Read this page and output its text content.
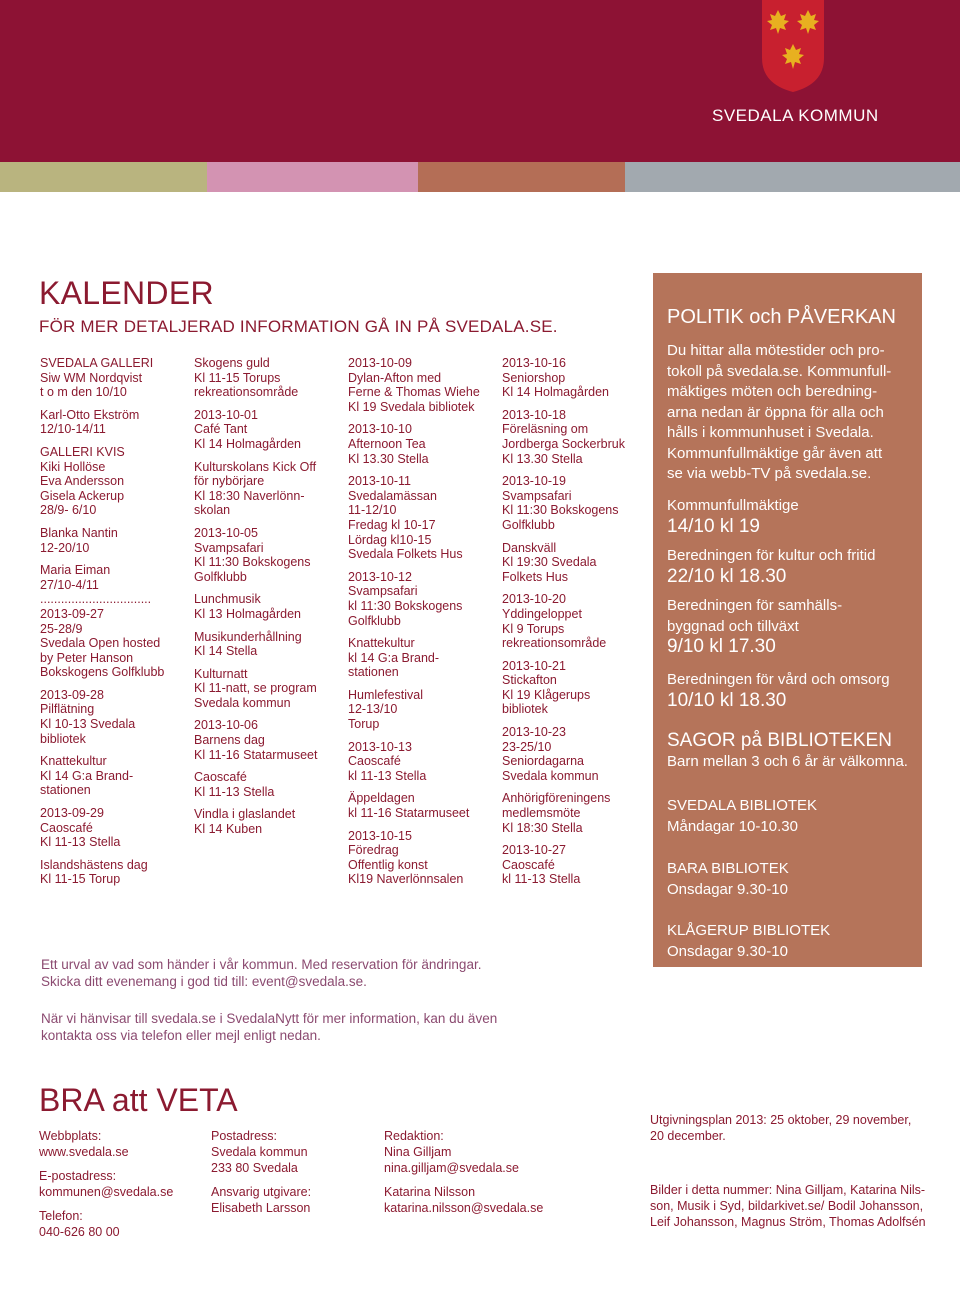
SVEDALA KOMMUN
KALENDER
FÖR MER DETALJERAD INFORMATION GÅ IN PÅ SVEDALA.SE.
SVEDALA GALLERI
Siw WM Nordqvist
t o m den 10/10
Karl-Otto Ekström
12/10-14/11
GALLERI KVIS
Kiki Hollöse
Eva Andersson
Gisela Ackerup
28/9- 6/10
Blanka Nantin
12-20/10
Maria Eiman
27/10-4/11
................................
2013-09-27
25-28/9
Svedala Open hosted
by Peter Hanson
Bokskogens Golfklubb
2013-09-28
Pilflätning
Kl 10-13 Svedala
bibliotek
Knattekultur
Kl 14 G:a Brand-
stationen
2013-09-29
Caoscafé
Kl 11-13 Stella
Islandshästens dag
Kl 11-15 Torup
Skogens guld
Kl 11-15 Torups
rekreationsområde
2013-10-01
Café Tant
Kl 14 Holmagården
Kulturskolans Kick Off
för nybörjare
Kl 18:30 Naverlönn-
skolan
2013-10-05
Svampsafari
Kl 11:30 Bokskogens
Golfklubb
Lunchmusik
Kl 13 Holmagården
Musikunderhållning
Kl 14 Stella
Kulturnatt
Kl 11-natt, se program
Svedala kommun
2013-10-06
Barnens dag
Kl 11-16 Statarmuseet
Caoscafé
Kl 11-13 Stella
Vindla i glaslandet
Kl 14 Kuben
2013-10-09
Dylan-Afton med
Ferne & Thomas Wiehe
Kl 19 Svedala bibliotek
2013-10-10
Afternoon Tea
Kl 13.30 Stella
2013-10-11
Svedalamässan
11-12/10
Fredag kl 10-17
Lördag kl10-15
Svedala Folkets Hus
2013-10-12
Svampsafari
kl 11:30 Bokskogens
Golfklubb
Knattekultur
kl 14 G:a Brand-
stationen
Humlefestival
12-13/10
Torup
2013-10-13
Caoscafé
kl 11-13 Stella
Äppeldagen
kl 11-16 Statarmuseet
2013-10-15
Föredrag
Offentlig konst
Kl19 Naverlönnsalen
2013-10-16
Seniorshop
Kl 14 Holmagården
2013-10-18
Föreläsning om
Jordberga Sockerbruk
Kl 13.30 Stella
2013-10-19
Svampsafari
Kl 11:30 Bokskogens
Golfklubb
Danskväll
Kl 19:30 Svedala
Folkets Hus
2013-10-20
Yddingeloppet
Kl 9 Torups
rekreationsområde
2013-10-21
Stickafton
Kl 19 Klågerups
bibliotek
2013-10-23
23-25/10
Seniordagarna
Svedala kommun
Anhörigföreningens
medlemsmöte
Kl 18:30 Stella
2013-10-27
Caoscafé
kl 11-13 Stella
POLITIK och PÅVERKAN
Du hittar alla mötestider och pro-
tokoll på svedala.se. Kommunfull-
mäktiges möten och beredning-
arna nedan är öppna för alla och
hålls i kommunhuset i Svedala.
Kommunfullmäktige går även att
se via webb-TV på svedala.se.
Kommunfullmäktige
14/10 kl 19
Beredningen för kultur och fritid
22/10 kl 18.30
Beredningen för samhälls-
byggnad och tillväxt
9/10 kl 17.30
Beredningen för vård och omsorg
10/10 kl 18.30
SAGOR på BIBLIOTEKEN
Barn mellan 3 och 6 år är välkomna.
SVEDALA BIBLIOTEK
Måndagar 10-10.30
BARA BIBLIOTEK
Onsdagar 9.30-10
KLÅGERUP BIBLIOTEK
Onsdagar 9.30-10
Ett urval av vad som händer i vår kommun. Med reservation för ändringar.
Skicka ditt evenemang i god tid till: event@svedala.se.
När vi hänvisar till svedala.se i SvedalaNytt för mer information, kan du även
kontakta oss via telefon eller mejl enligt nedan.
BRA att VETA
Webbplats:
www.svedala.se
E-postadress:
kommunen@svedala.se
Telefon:
040-626 80 00
Postadress:
Svedala kommun
233 80 Svedala
Ansvarig utgivare:
Elisabeth Larsson
Redaktion:
Nina Gilljam
nina.gilljam@svedala.se
Katarina Nilsson
katarina.nilsson@svedala.se
Utgivningsplan 2013: 25 oktober, 29 november,
20 december.
Bilder i detta nummer: Nina Gilljam, Katarina Nils-
son, Musik i Syd, bildarkivet.se/ Bodil Johansson,
Leif Johansson, Magnus Ström, Thomas Adolfsén
